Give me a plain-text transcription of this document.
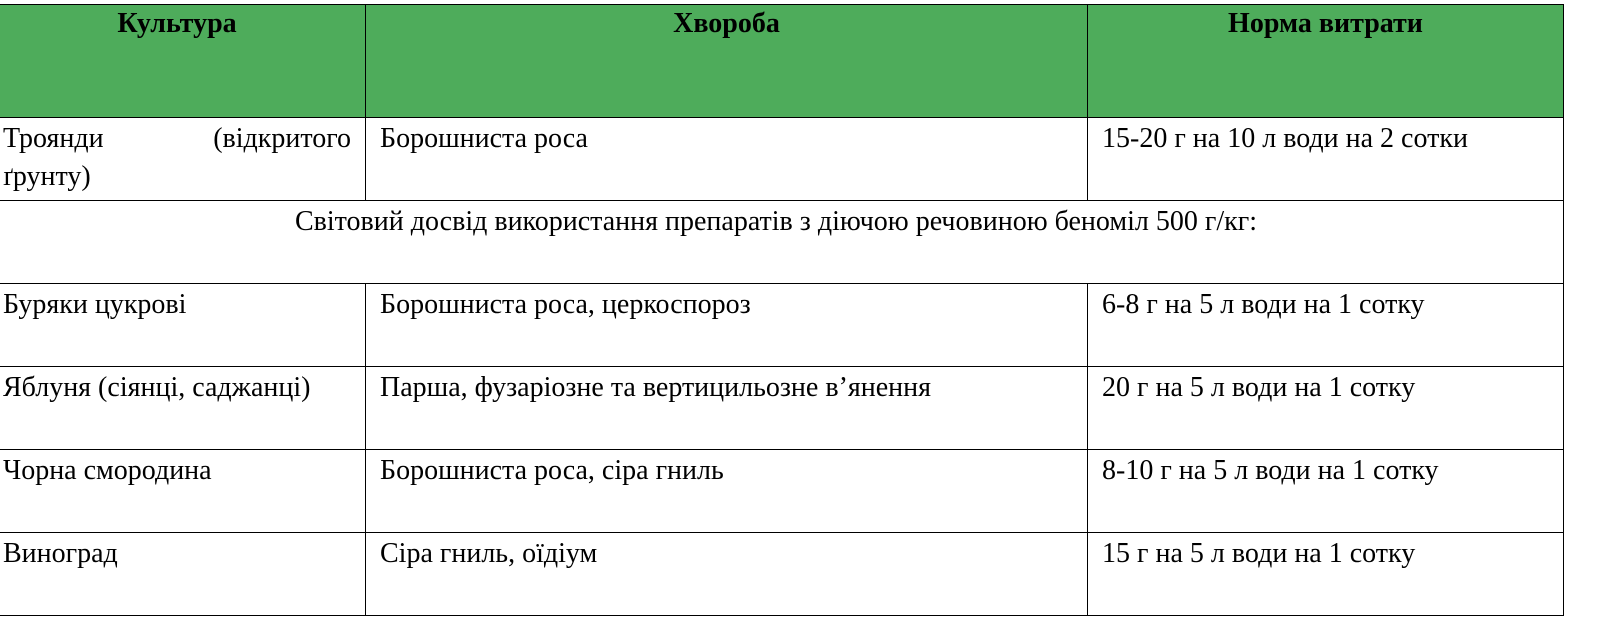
Культура	Хвороба	Норма витрати

Троянди (відкритого
ґрунту)	Борошниста роса	15-20 г на 10 л води на 2 сотки
Світовий досвід використання препаратів з діючою речовиною беноміл 500 г/кг:		
Буряки цукрові	Борошниста роса, церкоспороз	6-8 г на 5 л води на 1 сотку
Яблуня (сіянці, саджанці)	Парша, фузаріозне та вертицильозне в’янення	20 г на 5 л води на 1 сотку
Чорна смородина	Борошниста роса, сіра гниль	8-10 г на 5 л води на 1 сотку
Виноград	Сіра гниль, оїдіум	15 г на 5 л води на 1 сотку
